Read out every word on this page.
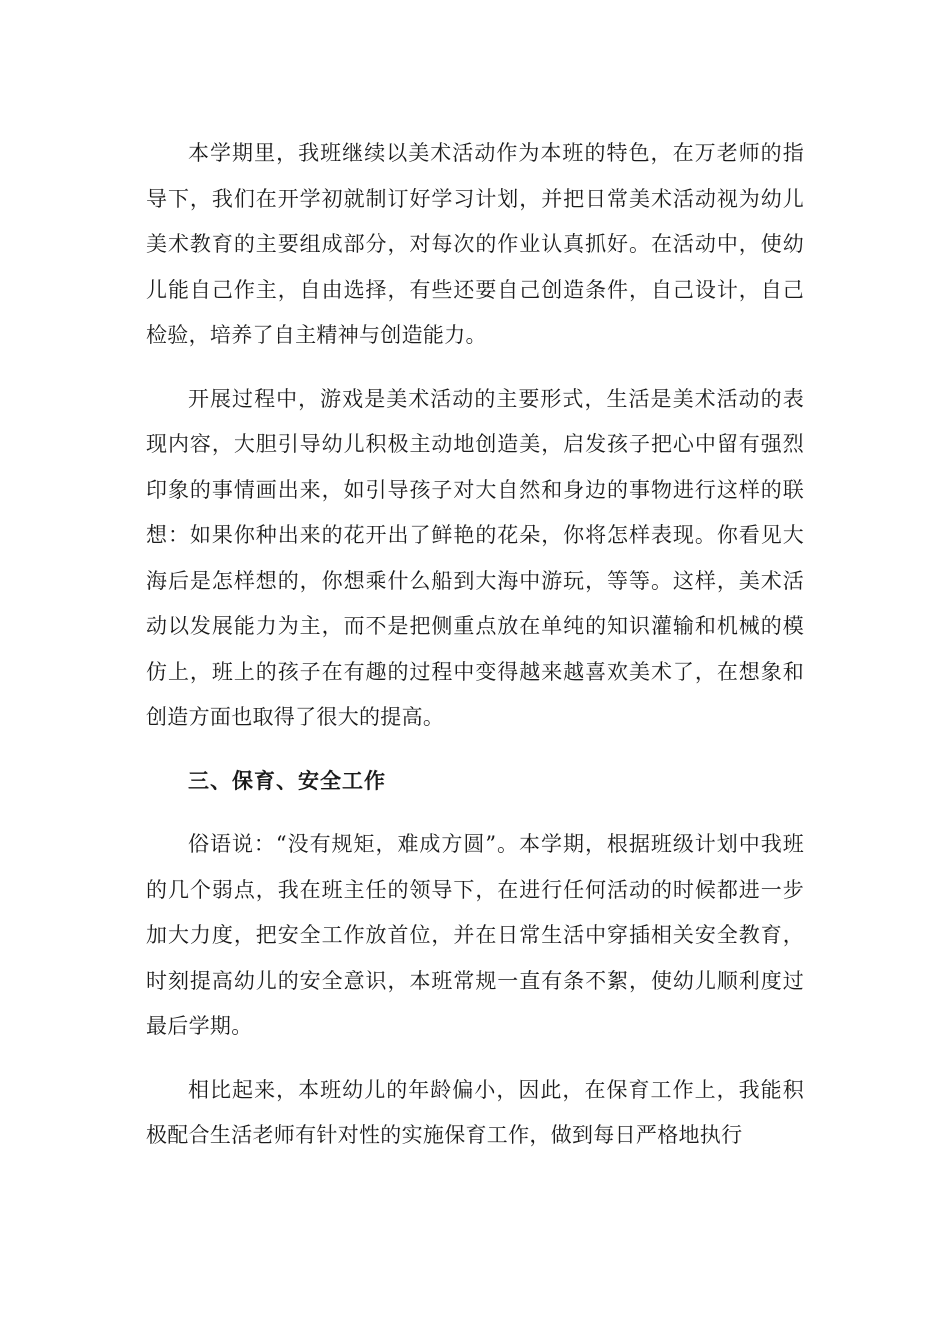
本学期里，我班继续以美术活动作为本班的特色，在万老师的指导下，我们在开学初就制订好学习计划，并把日常美术活动视为幼儿美术教育的主要组成部分，对每次的作业认真抓好。在活动中，使幼儿能自己作主，自由选择，有些还要自己创造条件，自己设计，自己检验，培养了自主精神与创造能力。

开展过程中，游戏是美术活动的主要形式，生活是美术活动的表现内容，大胆引导幼儿积极主动地创造美，启发孩子把心中留有强烈印象的事情画出来，如引导孩子对大自然和身边的事物进行这样的联想：如果你种出来的花开出了鲜艳的花朵，你将怎样表现。你看见大海后是怎样想的，你想乘什么船到大海中游玩，等等。这样，美术活动以发展能力为主，而不是把侧重点放在单纯的知识灌输和机械的模仿上，班上的孩子在有趣的过程中变得越来越喜欢美术了，在想象和创造方面也取得了很大的提高。

三、保育、安全工作

俗语说：“没有规矩，难成方圆”。本学期，根据班级计划中我班的几个弱点，我在班主任的领导下，在进行任何活动的时候都进一步加大力度，把安全工作放首位，并在日常生活中穿插相关安全教育，时刻提高幼儿的安全意识，本班常规一直有条不絮，使幼儿顺利度过最后学期。

相比起来，本班幼儿的年龄偏小，因此，在保育工作上，我能积极配合生活老师有针对性的实施保育工作，做到每日严格地执行
